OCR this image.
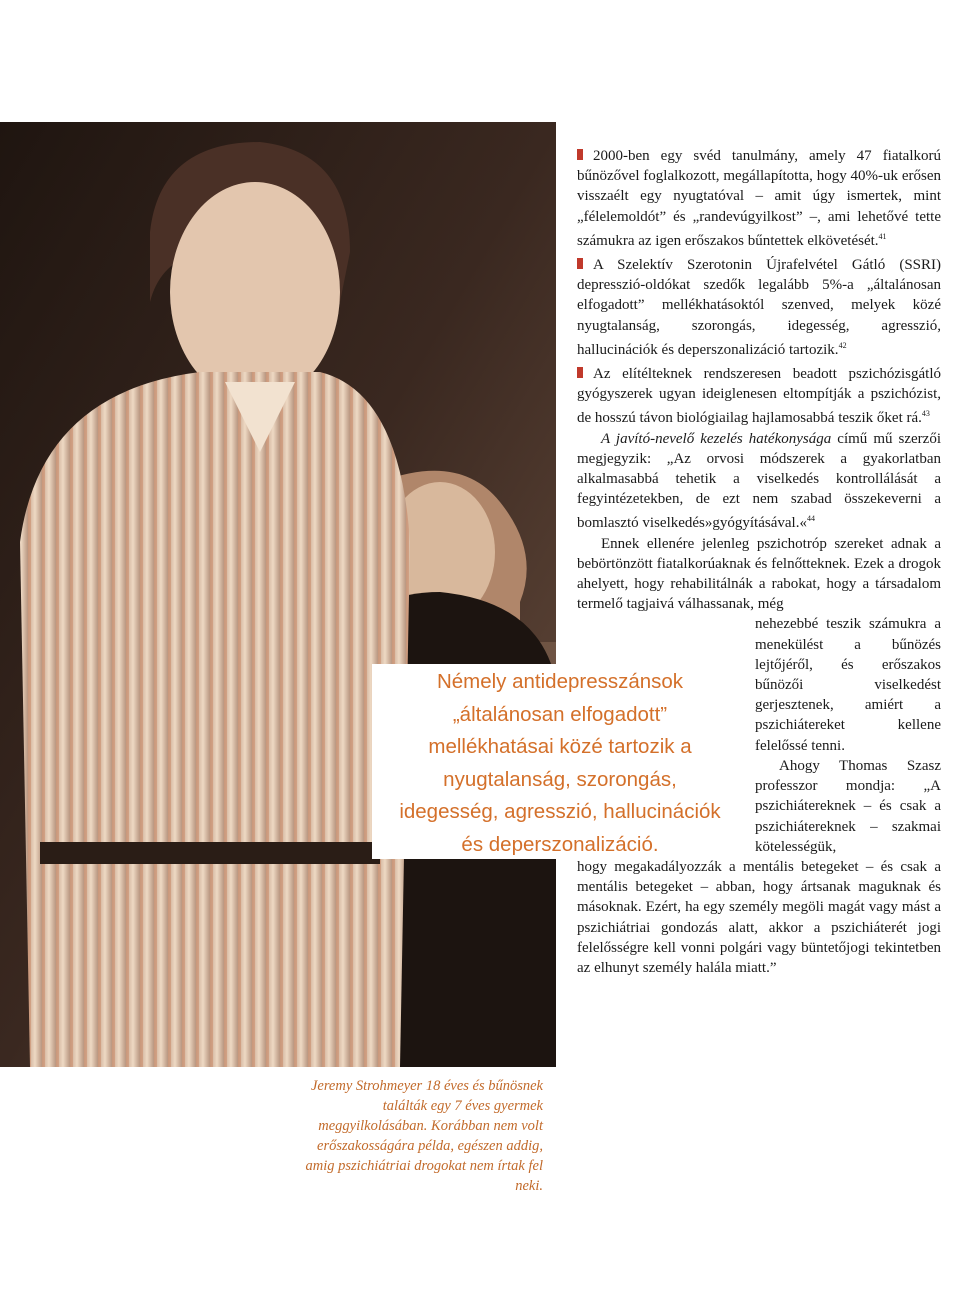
2000-ben egy svéd tanulmány, amely 47 fiatalkorú bűnözővel foglalkozott, megállapította, hogy 40%-uk erősen visszaélt egy nyugtatóval – amit úgy ismertek, mint „félelemoldót” és „randevúgyilkost” –, ami lehetővé tette számukra az igen erőszakos bűntettek elkövetését.$^{41}$

A Szelektív Szerotonin Újrafelvétel Gátló (SSRI) depresszió-oldókat szedők legalább 5%-a „általánosan elfogadott” mellékhatásoktól szenved, melyek közé nyugtalanság, szorongás, idegesség, agresszió, hallucinációk és deperszonalizáció tartozik.$^{42}$

Az elítélteknek rendszeresen beadott pszichózisgátló gyógyszerek ugyan ideiglenesen eltompítják a pszichózist, de hosszú távon biológiailag hajlamosabbá teszik őket rá.$^{43}$

A javító-nevelő kezelés hatékonysága című mű szerzői megjegyzik: „Az orvosi módszerek a gyakorlatban alkalmasabbá tehetik a viselkedés kontrollálását a fegyintézetekben, de ezt nem szabad összekeverni a bomlasztó viselkedés»gyógyításával.«$^{44}$

Ennek ellenére jelenleg pszichotróp szereket adnak a bebörtönzött fiatalkorúaknak és felnőtteknek. Ezek a drogok ahelyett, hogy rehabilitálnák a rabokat, hogy a társadalom termelő tagjaivá válhassanak, még

nehezebbé teszik számukra a menekülést a bűnözés lejtőjéről, és erőszakos bűnözői viselkedést gerjesztenek, amiért a pszichiátereket kellene felelőssé tenni.

Ahogy Thomas Szasz professzor mondja: „A pszichiátereknek – és csak a pszichiátereknek – szakmai kötelességük,

hogy megakadályozzák a mentális betegeket – és csak a mentális betegeket – abban, hogy ártsanak maguknak és másoknak. Ezért, ha egy személy megöli magát vagy mást a pszichiátriai gondozás alatt, akkor a pszichiáterét jogi felelősségre kell vonni polgári vagy büntetőjogi tekintetben az elhunyt személy halála miatt.”

Némely antidepresszánsok
„általánosan elfogadott”
mellékhatásai közé tartozik a
nyugtalanság, szorongás,
idegesség, agresszió, hallucinációk
és deperszonalizáció.
Jeremy Strohmeyer 18 éves és bűnösnek találták egy 7 éves gyermek meggyilkolásában. Korábban nem volt erőszakosságára példa, egészen addig, amig pszichiátriai drogokat nem írtak fel neki.
